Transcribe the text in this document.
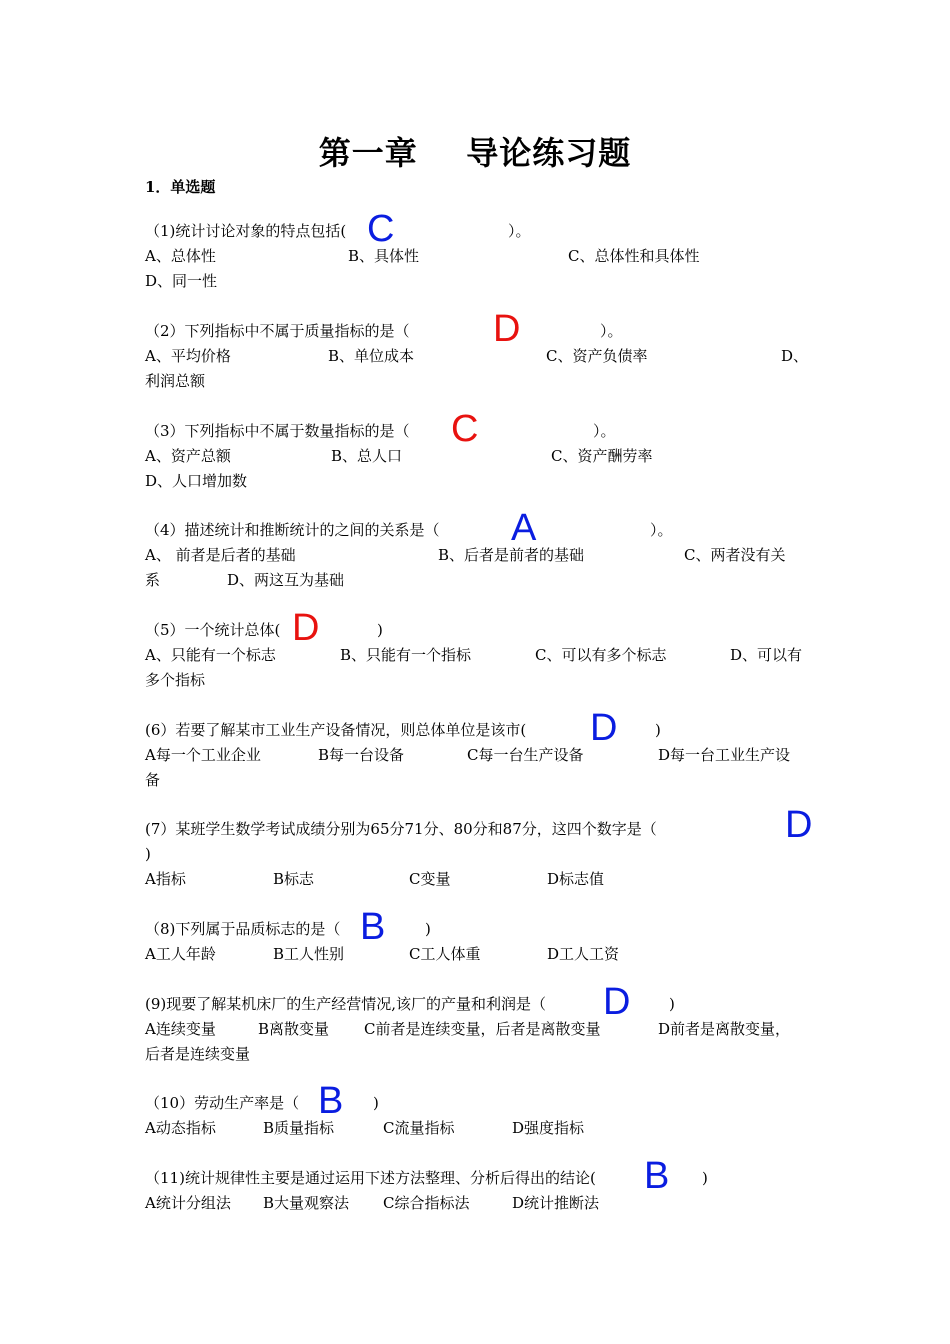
第一章    导论练习题
1．单选题
（1)统计讨论对象的特点包括( C	）。
A、总体性	B、具体性	C、总体性和具体性
D、同一性
（2）下列指标中不属于质量指标的是（ D	）。
A、平均价格	B、单位成本	C、资产负债率	D、
利润总额
（3）下列指标中不属于数量指标的是（ C	）。
A、资产总额	B、总人口	C、资产酬劳率
D、人口增加数
（4）描述统计和推断统计的之间的关系是（ A	）。
A、 前者是后者的基础	B、后者是前者的基础	C、两者没有关
系	D、两这互为基础
（5）一个统计总体( D	)
A、只能有一个标志	B、只能有一个指标	C、可以有多个标志	D、可以有
多个指标
(6）若要了解某市工业生产设备情况，则总体单位是该市( D	)
A每一个工业企业	B每一台设备	C每一台生产设备	D每一台工业生产设
备
(7）某班学生数学考试成绩分别为65分71分、80分和87分，这四个数字是（	D
)
A指标	B标志	C变量	D标志值
（8)下列属于品质标志的是（ B	)
A工人年龄	B工人性别	C工人体重	D工人工资
(9)现要了解某机床厂的生产经营情况,该厂的产量和利润是（ D	)
A连续变量	B离散变量 C前者是连续变量，后者是离散变量	D前者是离散变量，
后者是连续变量
（10）劳动生产率是（ B )
A动态指标	B质量指标	C流量指标	D强度指标
（11)统计规律性主要是通过运用下述方法整理、分析后得出的结论( B )
A统计分组法 B大量观察法 C综合指标法	D统计推断法
